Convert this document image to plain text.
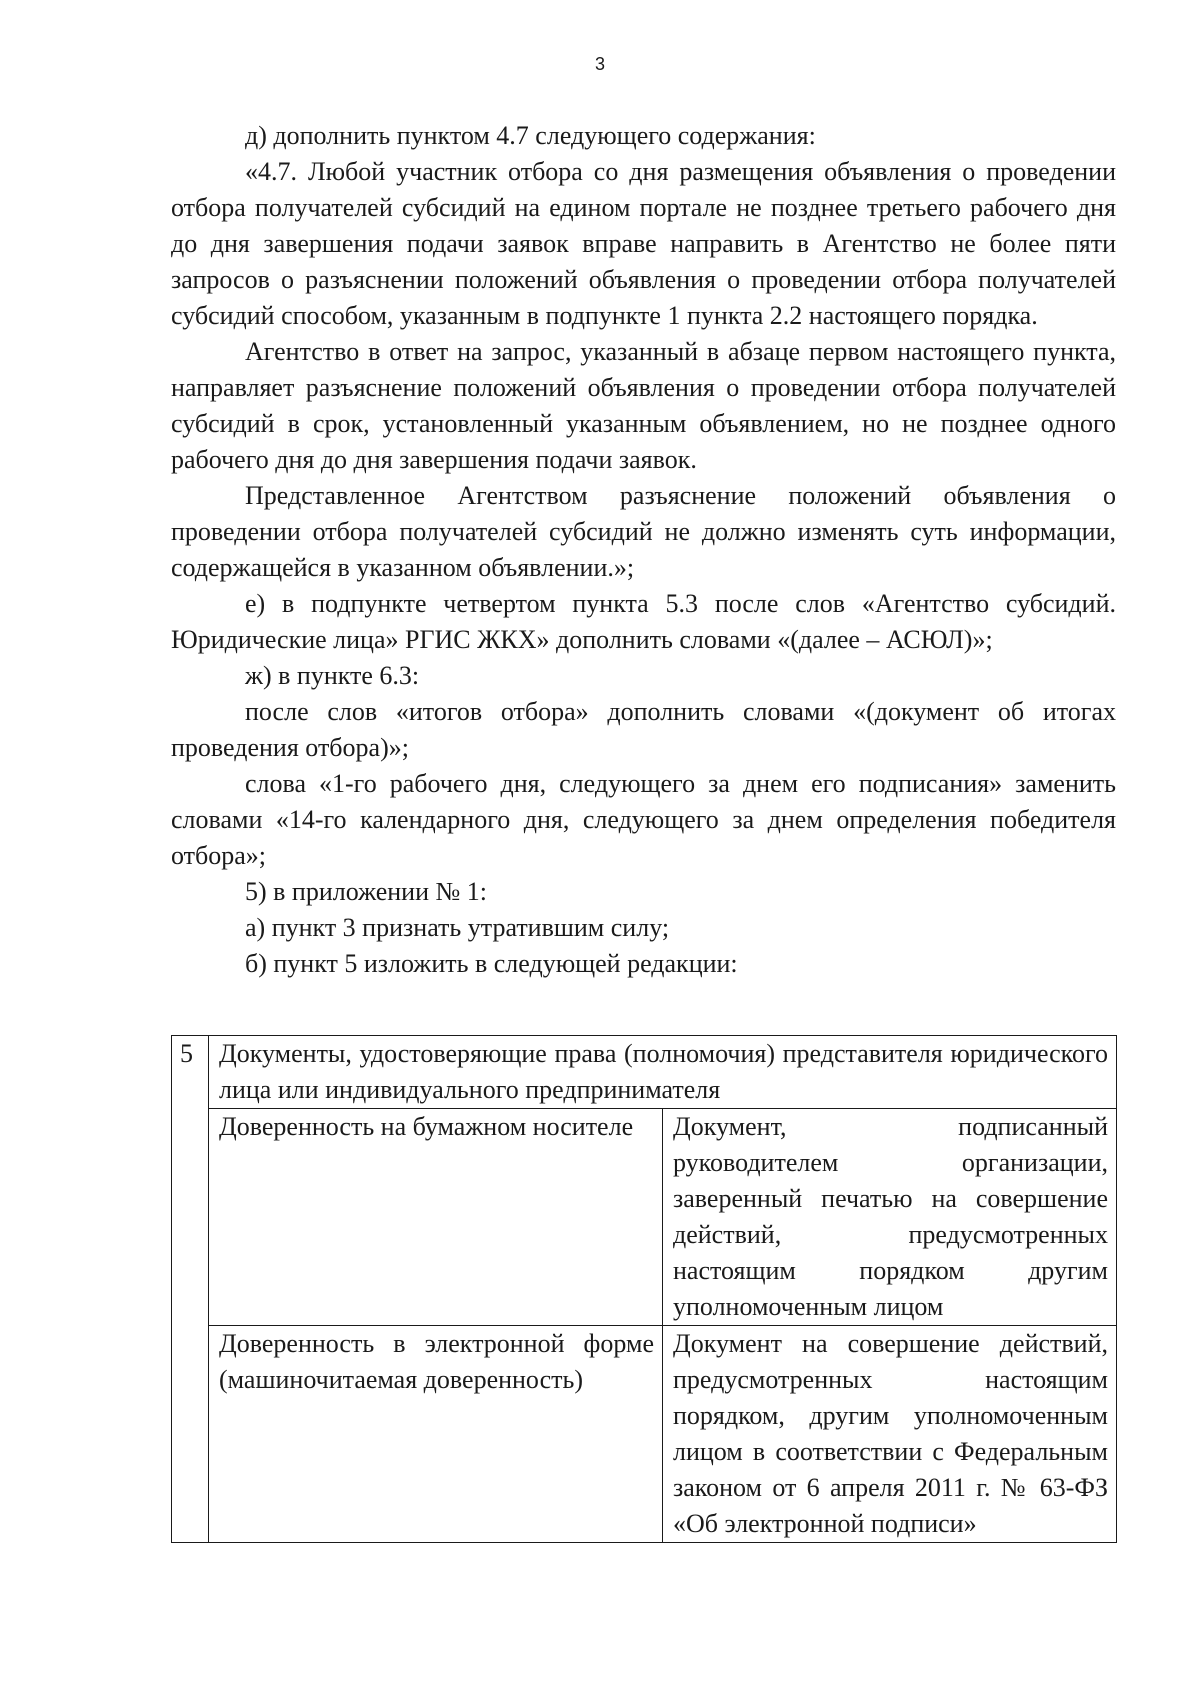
3

д) дополнить пунктом 4.7 следующего содержания:

«4.7. Любой участник отбора со дня размещения объявления о проведении отбора получателей субсидий на едином портале не позднее третьего рабочего дня до дня завершения подачи заявок вправе направить в Агентство не более пяти запросов о разъяснении положений объявления о проведении отбора получателей субсидий способом, указанным в подпункте 1 пункта 2.2 настоящего порядка.

Агентство в ответ на запрос, указанный в абзаце первом настоящего пункта, направляет разъяснение положений объявления о проведении отбора получателей субсидий в срок, установленный указанным объявлением, но не позднее одного рабочего дня до дня завершения подачи заявок.

Представленное Агентством разъяснение положений объявления о проведении отбора получателей субсидий не должно изменять суть информации, содержащейся в указанном объявлении.»;

е) в подпункте четвертом пункта 5.3 после слов «Агентство субсидий. Юридические лица» РГИС ЖКХ» дополнить словами «(далее – АСЮЛ)»;

ж) в пункте 6.3:

после слов «итогов отбора» дополнить словами «(документ об итогах проведения отбора)»;

слова «1-го рабочего дня, следующего за днем его подписания» заменить словами «14-го календарного дня, следующего за днем определения победителя отбора»;

5) в приложении № 1:

а) пункт 3 признать утратившим силу;

б) пункт 5 изложить в следующей редакции:

5	Документы, удостоверяющие права (полномочия) представителя юридического лица или индивидуального предпринимателя	
	Доверенность на бумажном носителе	Документ, подписанный руководителем организации, заверенный печатью на совершение действий, предусмотренных настоящим порядком другим уполномоченным лицом
	Доверенность в электронной форме (машиночитаемая доверенность)	Документ на совершение действий, предусмотренных настоящим порядком, другим уполномоченным лицом в соответствии с Федеральным законом от 6 апреля 2011 г. № 63-ФЗ «Об электронной подписи»
